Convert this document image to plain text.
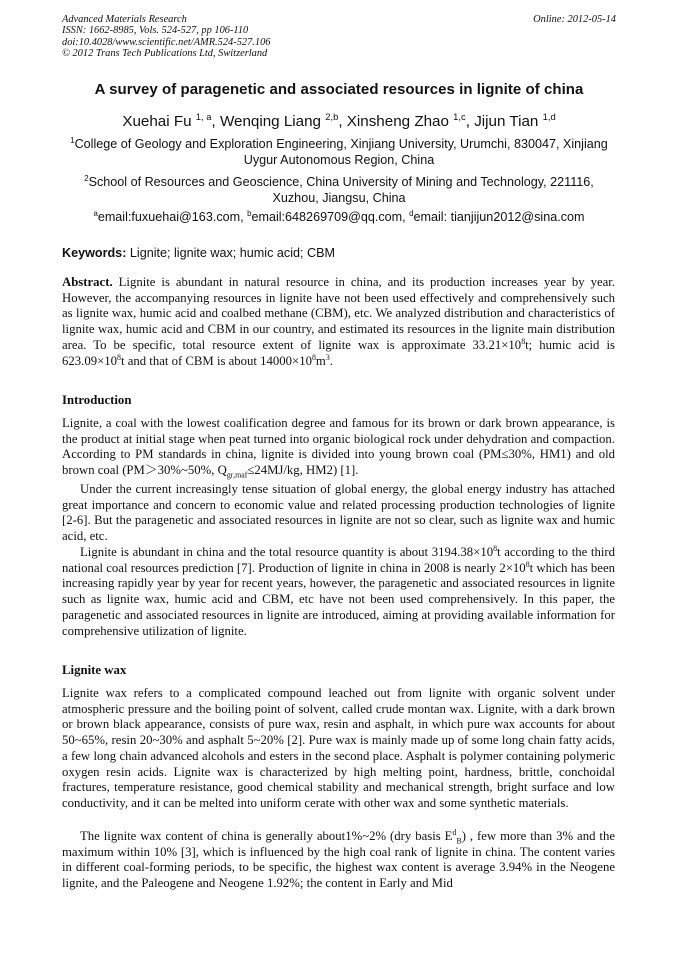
Advanced Materials Research
ISSN: 1662-8985, Vols. 524-527, pp 106-110
doi:10.4028/www.scientific.net/AMR.524-527.106
© 2012 Trans Tech Publications Ltd, Switzerland
Online: 2012-05-14
A survey of paragenetic and associated resources in lignite of china
Xuehai Fu $^{1, a}$, Wenqing Liang $^{2,b}$, Xinsheng Zhao $^{1,c}$, Jijun Tian $^{1,d}$
$^1$College of Geology and Exploration Engineering, Xinjiang University, Urumchi, 830047, Xinjiang
Uygur Autonomous Region, China
$^2$School of Resources and Geoscience, China University of Mining and Technology, 221116,
Xuzhou, Jiangsu, China
$^a$email:fuxuehai@163.com, $^b$email:648269709@qq.com, $^d$email: tianjijun2012@sina.com
Keywords: Lignite; lignite wax; humic acid; CBM
Abstract. Lignite is abundant in natural resource in china, and its production increases year by year. However, the accompanying resources in lignite have not been used effectively and comprehensively such as lignite wax, humic acid and coalbed methane (CBM), etc. We analyzed distribution and characteristics of lignite wax, humic acid and CBM in our country, and estimated its resources in the lignite main distribution area. To be specific, total resource extent of lignite wax is approximate $33.21\times 10^8t$; humic acid is $623.09\times 10^8t$ and that of CBM is about $14000\times 10^8m^3$.
Introduction
Lignite, a coal with the lowest coalification degree and famous for its brown or dark brown appearance, is the product at initial stage when peat turned into organic biological rock under dehydration and compaction. According to PM standards in china, lignite is divided into young brown coal (PM≤30%, HM1) and old brown coal (PM＞30%~50%, $Q_{gr,maf}\le 24MJ/kg$, HM2) [1].
Under the current increasingly tense situation of global energy, the global energy industry has attached great importance and concern to economic value and related processing production technologies of lignite [2-6]. But the paragenetic and associated resources in lignite are not so clear, such as lignite wax and humic acid, etc.
Lignite is abundant in china and the total resource quantity is about $3194.38\times 10^8t$ according to the third national coal resources prediction [7]. Production of lignite in china in 2008 is nearly $2\times 10^8t$ which has been increasing rapidly year by year for recent years, however, the paragenetic and associated resources in lignite such as lignite wax, humic acid and CBM, etc have not been used comprehensively. In this paper, the paragenetic and associated resources in lignite are introduced, aiming at providing available information for comprehensive utilization of lignite.
Lignite wax
Lignite wax refers to a complicated compound leached out from lignite with organic solvent under atmospheric pressure and the boiling point of solvent, called crude montan wax. Lignite, with a dark brown or brown black appearance, consists of pure wax, resin and asphalt, in which pure wax accounts for about 50~65%, resin 20~30% and asphalt 5~20% [2]. Pure wax is mainly made up of some long chain fatty acids, a few long chain advanced alcohols and esters in the second place. Asphalt is polymer containing polymeric oxygen resin acids. Lignite wax is characterized by high melting point, hardness, brittle, conchoidal fractures, temperature resistance, good chemical stability and mechanical strength, bright surface and low conductivity, and it can be melted into uniform cerate with other wax and some synthetic materials.
The lignite wax content of china is generally about1%~2% (dry basis $E^d_B$) , few more than 3% and the maximum within 10% [3], which is influenced by the high coal rank of lignite in china. The content varies in different coal-forming periods, to be specific, the highest wax content is average 3.94% in the Neogene lignite, and the Paleogene and Neogene 1.92%; the content in Early and Mid
